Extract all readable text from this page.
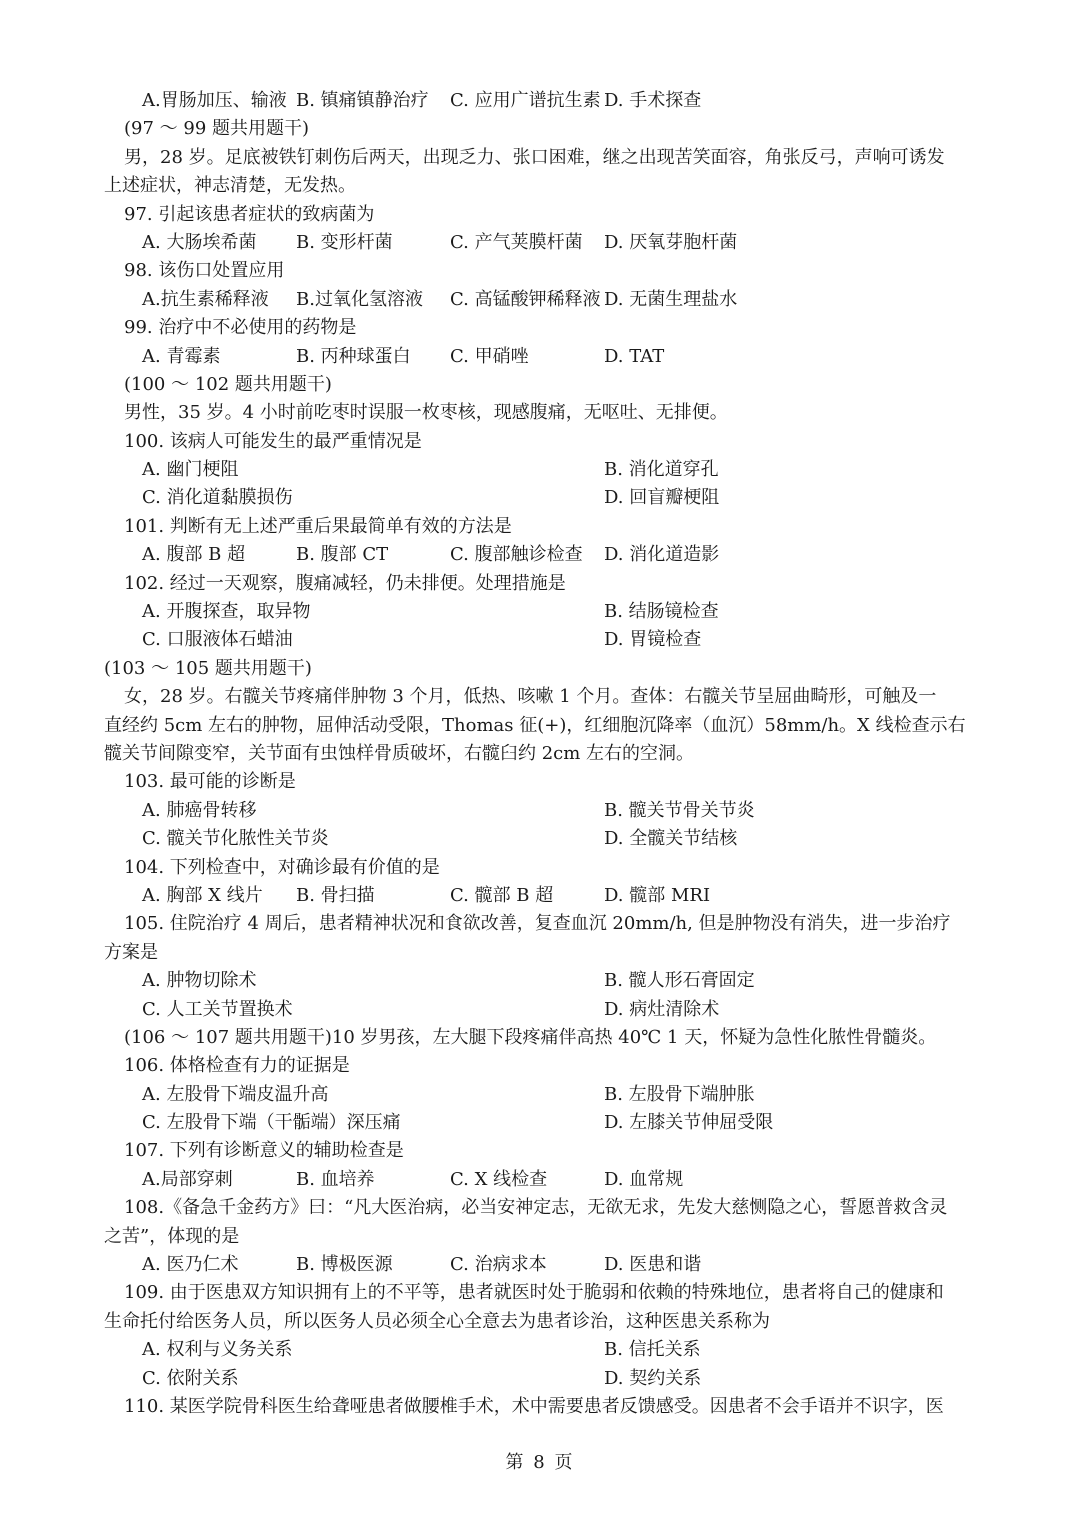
A.胃肠加压、输液 B. 镇痛镇静治疗 C. 应用广谱抗生素 D. 手术探查
(97 ～ 99 题共用题干)
男，28 岁。足底被铁钉刺伤后两天，出现乏力、张口困难，继之出现苦笑面容，角张反弓，声响可诱发
上述症状，神志清楚，无发热。
97. 引起该患者症状的致病菌为
A. 大肠埃希菌 B. 变形杆菌	C. 产气荚膜杆菌 D. 厌氧芽胞杆菌
98. 该伤口处置应用
A.抗生素稀释液 B.过氧化氢溶液 C. 高锰酸钾稀释液 D. 无菌生理盐水
99. 治疗中不必使用的药物是
A. 青霉素	B. 丙种球蛋白 C. 甲硝唑	D. TAT
(100 ～ 102 题共用题干)
男性，35 岁。4 小时前吃枣时误服一枚枣核，现感腹痛，无呕吐、无排便。
100. 该病人可能发生的最严重情况是
A. 幽门梗阻	B. 消化道穿孔
C. 消化道黏膜损伤	D. 回盲瓣梗阻
101. 判断有无上述严重后果最简单有效的方法是
A. 腹部 B 超	B. 腹部 CT	C. 腹部触诊检查 D. 消化道造影
102. 经过一天观察，腹痛减轻，仍未排便。处理措施是
A. 开腹探查，取异物	B. 结肠镜检查
C. 口服液体石蜡油	D. 胃镜检查
(103 ～ 105 题共用题干)
女，28 岁。右髋关节疼痛伴肿物 3 个月，低热、咳嗽 1 个月。查体：右髋关节呈屈曲畸形，可触及一
直经约 5cm 左右的肿物，屈伸活动受限，Thomas 征(+)，红细胞沉降率（血沉）58mm/h。X 线检查示右
髋关节间隙变窄，关节面有虫蚀样骨质破坏，右髋臼约 2cm 左右的空洞。
103. 最可能的诊断是
A. 肺癌骨转移	B. 髋关节骨关节炎
C. 髋关节化脓性关节炎	D. 全髋关节结核
104. 下列检查中，对确诊最有价值的是
A. 胸部 X 线片 B. 骨扫描	C. 髋部 B 超	D. 髋部 MRI
105. 住院治疗 4 周后，患者精神状况和食欲改善，复查血沉 20mm/h, 但是肿物没有消失，进一步治疗
方案是
A. 肿物切除术	B. 髋人形石膏固定
C. 人工关节置换术	D. 病灶清除术
(106 ～ 107 题共用题干)10 岁男孩，左大腿下段疼痛伴高热 40℃ 1 天，怀疑为急性化脓性骨髓炎。
106. 体格检查有力的证据是
A. 左股骨下端皮温升高	B. 左股骨下端肿胀
C. 左股骨下端（干骺端）深压痛	D. 左膝关节伸屈受限
107. 下列有诊断意义的辅助检查是
A.局部穿刺	B. 血培养	C. X 线检查	D. 血常规
108.《备急千金药方》曰：“凡大医治病，必当安神定志，无欲无求，先发大慈恻隐之心，誓愿普救含灵
之苦”，体现的是
A. 医乃仁术	B. 博极医源	C. 治病求本	D. 医患和谐
109. 由于医患双方知识拥有上的不平等，患者就医时处于脆弱和依赖的特殊地位，患者将自己的健康和
生命托付给医务人员，所以医务人员必须全心全意去为患者诊治，这种医患关系称为
A. 权利与义务关系	B. 信托关系
C. 依附关系	D. 契约关系
110. 某医学院骨科医生给聋哑患者做腰椎手术，术中需要患者反馈感受。因患者不会手语并不识字，医
第 8 页
